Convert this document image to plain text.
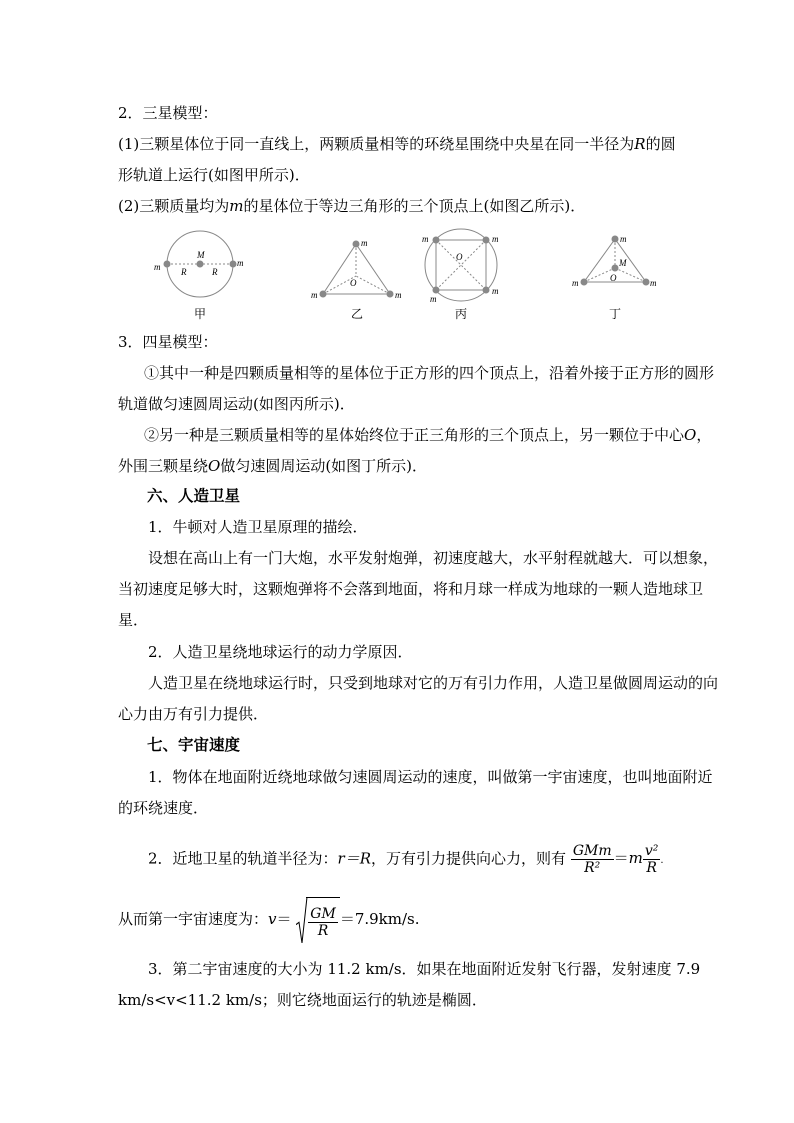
2．三星模型：
(1)三颗星体位于同一直线上，两颗质量相等的环绕星围绕中央星在同一半径为R的圆
形轨道上运行(如图甲所示)．
(2)三颗质量均为m的星体位于等边三角形的三个顶点上(如图乙所示)．
m	m
M
R	R
甲
m
m	m
O
乙
m	m
m
m
O
丙
m
m	m
M
O
丁
3．四星模型：
①其中一种是四颗质量相等的星体位于正方形的四个顶点上，沿着外接于正方形的圆形
轨道做匀速圆周运动(如图丙所示)．
②另一种是三颗质量相等的星体始终位于正三角形的三个顶点上，另一颗位于中心O，
外围三颗星绕O做匀速圆周运动(如图丁所示)．
六、人造卫星
1．牛顿对人造卫星原理的描绘．
设想在高山上有一门大炮，水平发射炮弹，初速度越大，水平射程就越大．可以想象，
当初速度足够大时，这颗炮弹将不会落到地面，将和月球一样成为地球的一颗人造地球卫
星．
2．人造卫星绕地球运行的动力学原因．
人造卫星在绕地球运行时，只受到地球对它的万有引力作用，人造卫星做圆周运动的向
心力由万有引力提供．
七、宇宙速度
1．物体在地面附近绕地球做匀速圆周运动的速度，叫做第一宇宙速度，也叫地面附近
的环绕速度．
2．近地卫星的轨道半径为：r＝R，万有引力提供向心力，则有 $\frac{\text{GMm}}{\text{R²}} =m \frac{\text{v²}}{R}$ .
从而第一宇宙速度为：$v= \frac{GM}{R} =7.9km/s$.
3．第二宇宙速度的大小为 11.2 km/s．如果在地面附近发射飞行器，发射速度 7.9
km/s<v<11.2 km/s；则它绕地面运行的轨迹是椭圆．
